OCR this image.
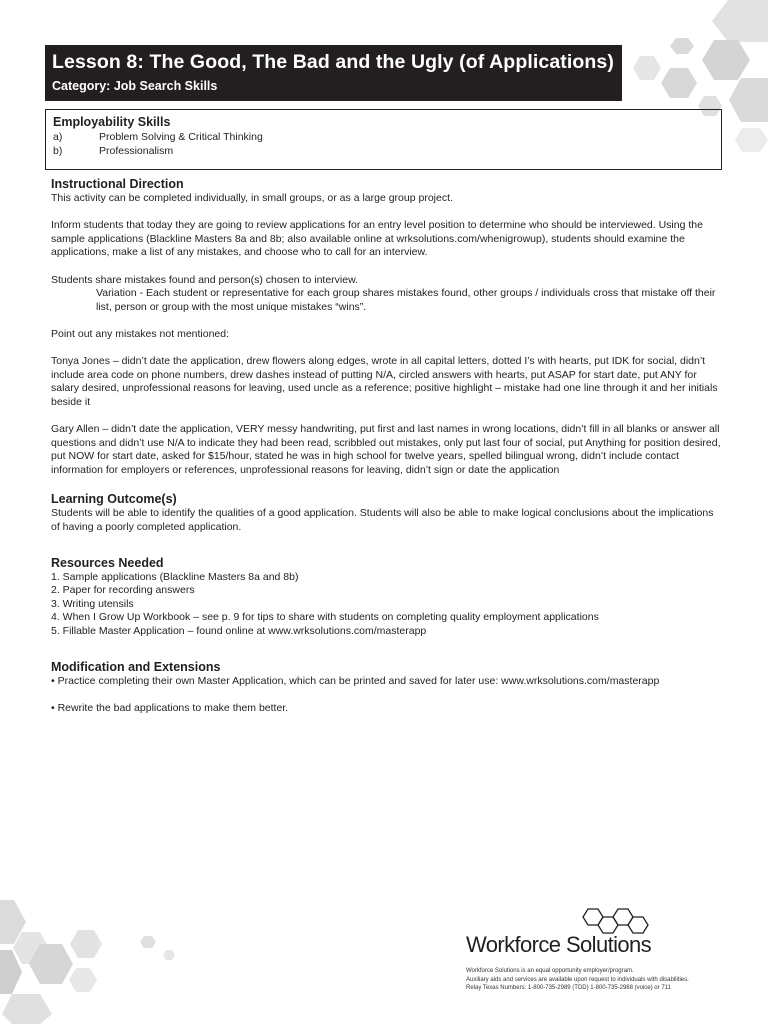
Lesson 8: The Good, The Bad and the Ugly (of Applications)
Category: Job Search Skills
Employability Skills
a)	Problem Solving & Critical Thinking
b)	Professionalism
Instructional Direction

This activity can be completed individually, in small groups, or as a large group project.

Inform students that today they are going to review applications for an entry level position to determine who should be interviewed. Using the sample applications (Blackline Masters 8a and 8b; also available online at wrksolutions.com/whenigrowup), students should examine the applications, make a list of any mistakes, and choose who to call for an interview.

Students share mistakes found and person(s) chosen to interview.

Variation - Each student or representative for each group shares mistakes found, other groups / individuals cross that mistake off their list, person or group with the most unique mistakes “wins”.

Point out any mistakes not mentioned:

Tonya Jones – didn’t date the application, drew flowers along edges, wrote in all capital letters, dotted I’s with hearts, put IDK for social, didn’t include area code on phone numbers, drew dashes instead of putting N/A, circled answers with hearts, put ASAP for start date, put ANY for salary desired, unprofessional reasons for leaving, used uncle as a reference; positive highlight – mistake had one line through it and her initials beside it

Gary Allen – didn’t date the application, VERY messy handwriting, put first and last names in wrong locations, didn’t fill in all blanks or answer all questions and didn’t use N/A to indicate they had been read, scribbled out mistakes, only put last four of social, put Anything for position desired, put NOW for start date, asked for $15/hour, stated he was in high school for twelve years, spelled bilingual wrong, didn’t include contact information for employers or references, unprofessional reasons for leaving, didn’t sign or date the application

Learning Outcome(s)

Students will be able to identify the qualities of a good application. Students will also be able to make logical conclusions about the implications of having a poorly completed application.

Resources Needed
1. Sample applications (Blackline Masters 8a and 8b)
2. Paper for recording answers
3. Writing utensils
4. When I Grow Up Workbook – see p. 9 for tips to share with students on completing quality employment applications
5. Fillable Master Application – found online at www.wrksolutions.com/masterapp
Modification and Extensions

• Practice completing their own Master Application, which can be printed and saved for later use: www.wrksolutions.com/masterapp

• Rewrite the bad applications to make them better.

Workforce Solutions
Workforce Solutions is an equal opportunity employer/program.
Auxiliary aids and services are available upon request to individuals with disabilities.
Relay Texas Numbers: 1-800-735-2989 (TDD) 1-800-735-2988 (voice) or 711
